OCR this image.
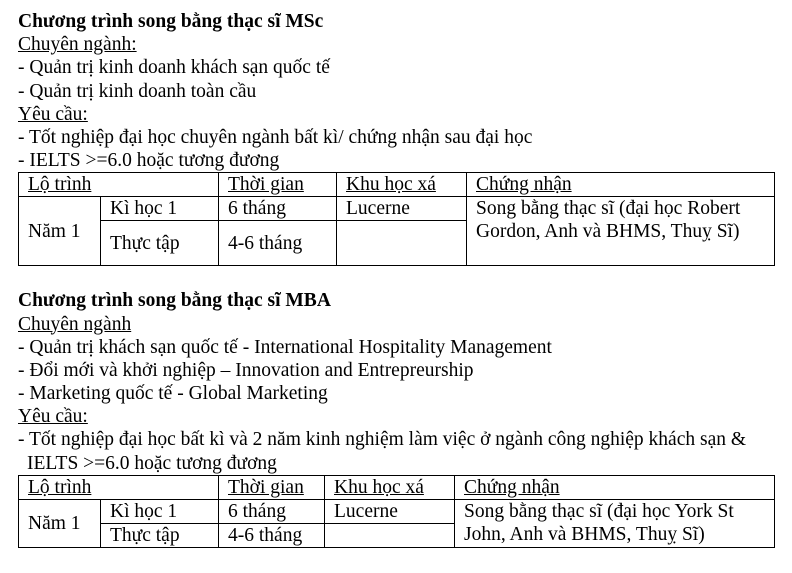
Chương trình song bằng thạc sĩ MSc
Chuyên ngành:
- Quản trị kinh doanh khách sạn quốc tế
- Quản trị kinh doanh toàn cầu
Yêu cầu:
- Tốt nghiệp đại học chuyên ngành bất kì/ chứng nhận sau đại học
- IELTS >=6.0 hoặc tương đương
Lộ trình		Thời gian	Khu học xá	Chứng nhận
Năm 1	Kì học 1	6 tháng	Lucerne	Song bằng thạc sĩ (đại học Robert Gordon, Anh và BHMS, Thuỵ Sĩ)
	Thực tập	4-6 tháng		
Chương trình song bằng thạc sĩ MBA
Chuyên ngành
- Quản trị khách sạn quốc tế - International Hospitality Management
- Đổi mới và khởi nghiệp – Innovation and Entrepreurship
- Marketing quốc tế - Global Marketing
Yêu cầu:
- Tốt nghiệp đại học bất kì và 2 năm kinh nghiệm làm việc ở ngành công nghiệp khách sạn & IELTS >=6.0 hoặc tương đương
Lộ trình		Thời gian	Khu học xá	Chứng nhận
Năm 1	Kì học 1	6 tháng	Lucerne	Song bằng thạc sĩ (đại học York St John, Anh và BHMS, Thuỵ Sĩ)
	Thực tập	4-6 tháng		
